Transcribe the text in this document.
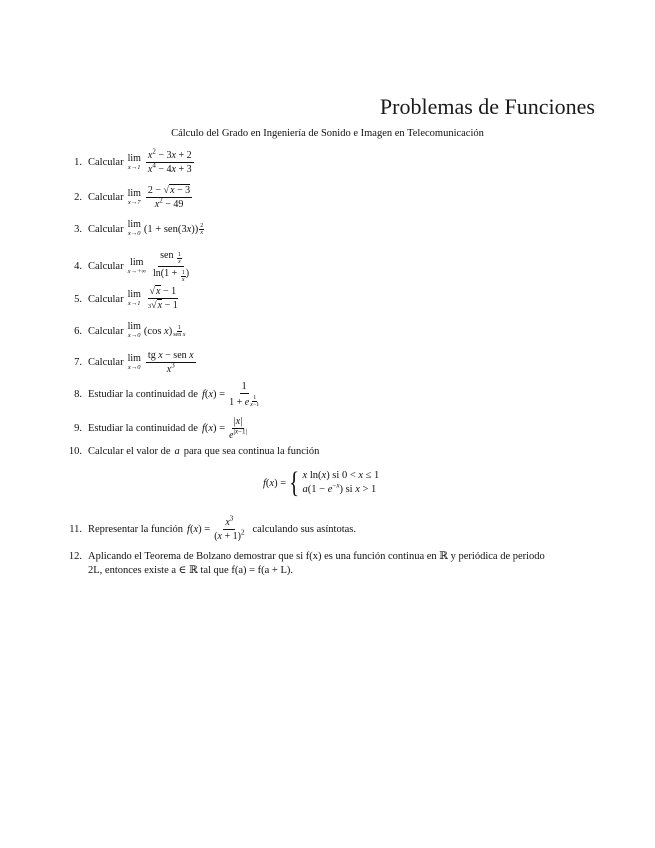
Problemas de Funciones
Cálculo del Grado en Ingeniería de Sonido e Imagen en Telecomunicación
1. Calcular lim
$x\to 1 \frac{x^2 - 3x + 2}{x^4 - 4x + 3}$
2. Calcular lim
$x\to 7 \frac{2 - √x - 3}{x^2 - 49}$
3. Calcular lim
x→0 (1 + sen(3x)) 2
x
4. Calcular lim
$x\to+\infty \frac{sen \frac{1}{x}}{\ln(1 + \frac{1}{x} )}$
5. Calcular lim
$x\to 1 \frac{√x - 1}{3√x - 1}$
6. Calcular lim
x→0 (cos x) 1
sen x
7. Calcular lim
$x\to 0 \frac{\text{tg x − sen x}}{x^3}$
8. Estudiar la continuidad de $f(x) = \frac{1}{1 + e \frac{1}{x-1}}$
9. Estudiar la continuidad de $f(x) = \frac{|x|}{e^{|x-1|}}$
10. Calcular el valor de a para que sea continua la función
f(x) = { x ln(x) si 0 < x ≤ 1
$a(1 - e^{-x})$ si x > 1
11. Representar la función $f(x) = \frac{x^3}{(x + 1)^2}$ calculando sus asíntotas.
12. Aplicando el Teorema de Bolzano demostrar que si f(x) es una función continua en ℝ y periódica de periodo
2L, entonces existe a ∈ ℝ tal que f(a) = f(a + L).
